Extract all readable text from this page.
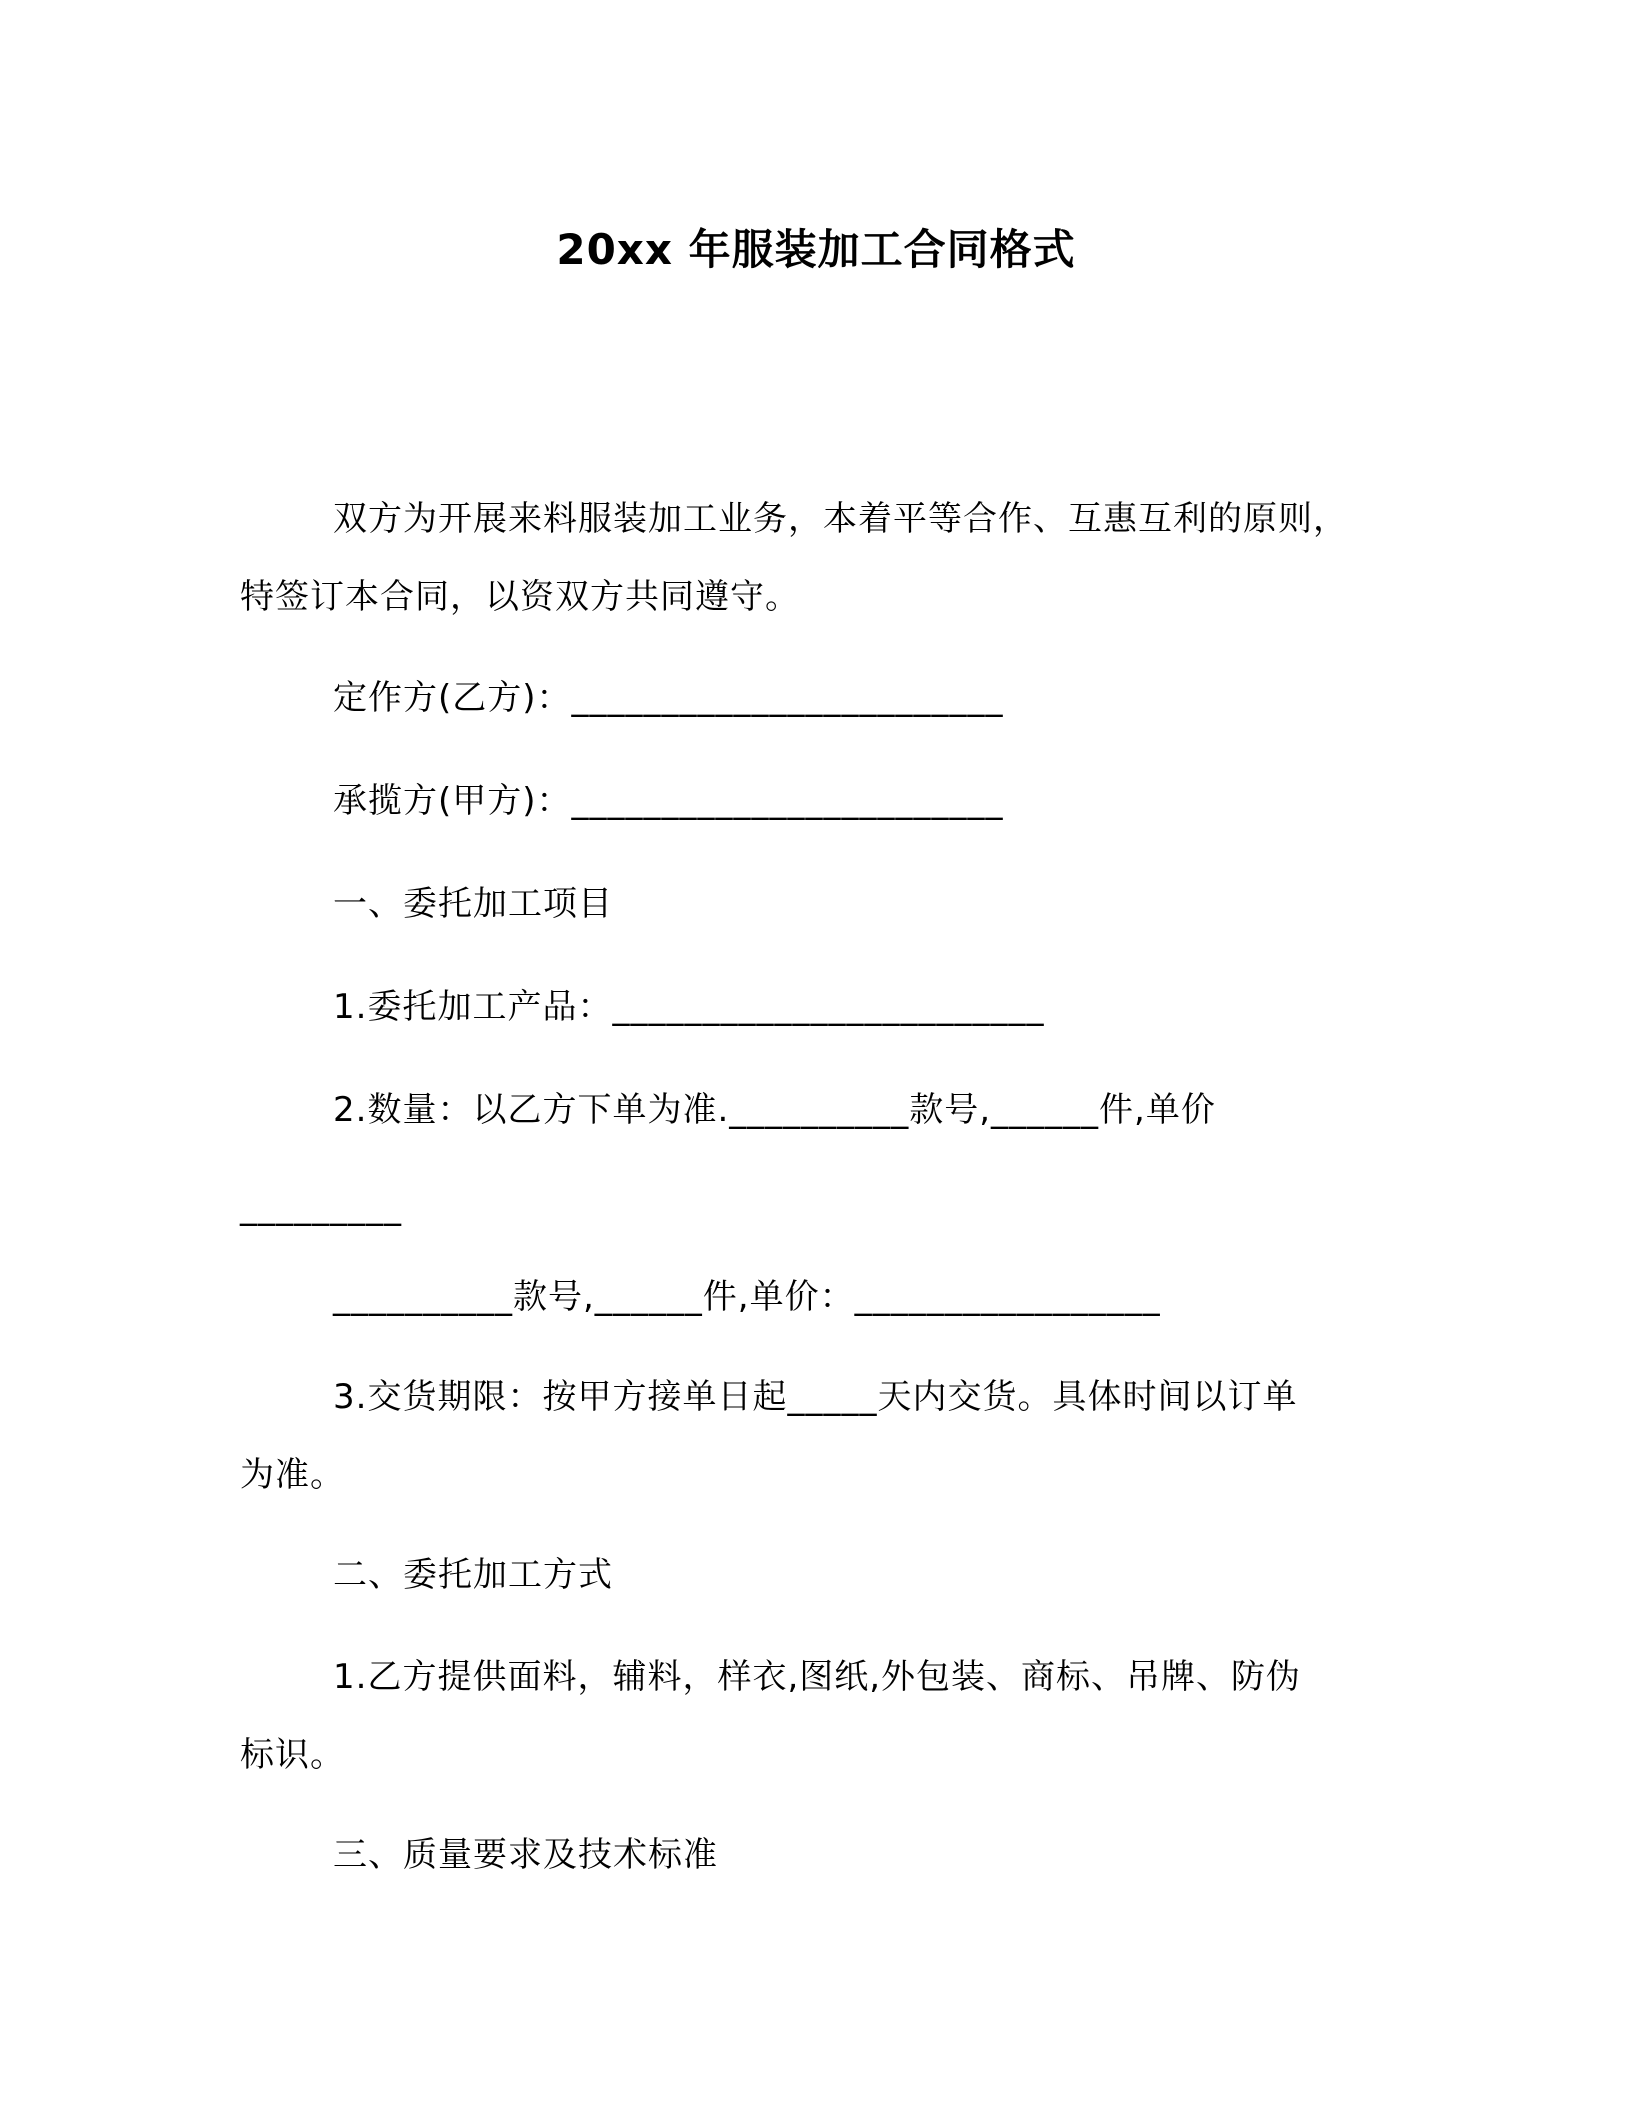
20xx 年服装加工合同格式
双方为开展来料服装加工业务，本着平等合作、互惠互利的原则，
特签订本合同，以资双方共同遵守。
定作方(乙方)：________________________
承揽方(甲方)：________________________
一、委托加工项目
1.委托加工产品：________________________
2.数量：以乙方下单为准.__________款号,______件,单价
_________
__________款号,______件,单价：_________________
3.交货期限：按甲方接单日起_____天内交货。具体时间以订单
为准。
二、委托加工方式
1.乙方提供面料，辅料，样衣,图纸,外包装、商标、吊牌、防伪
标识。
三、质量要求及技术标准
